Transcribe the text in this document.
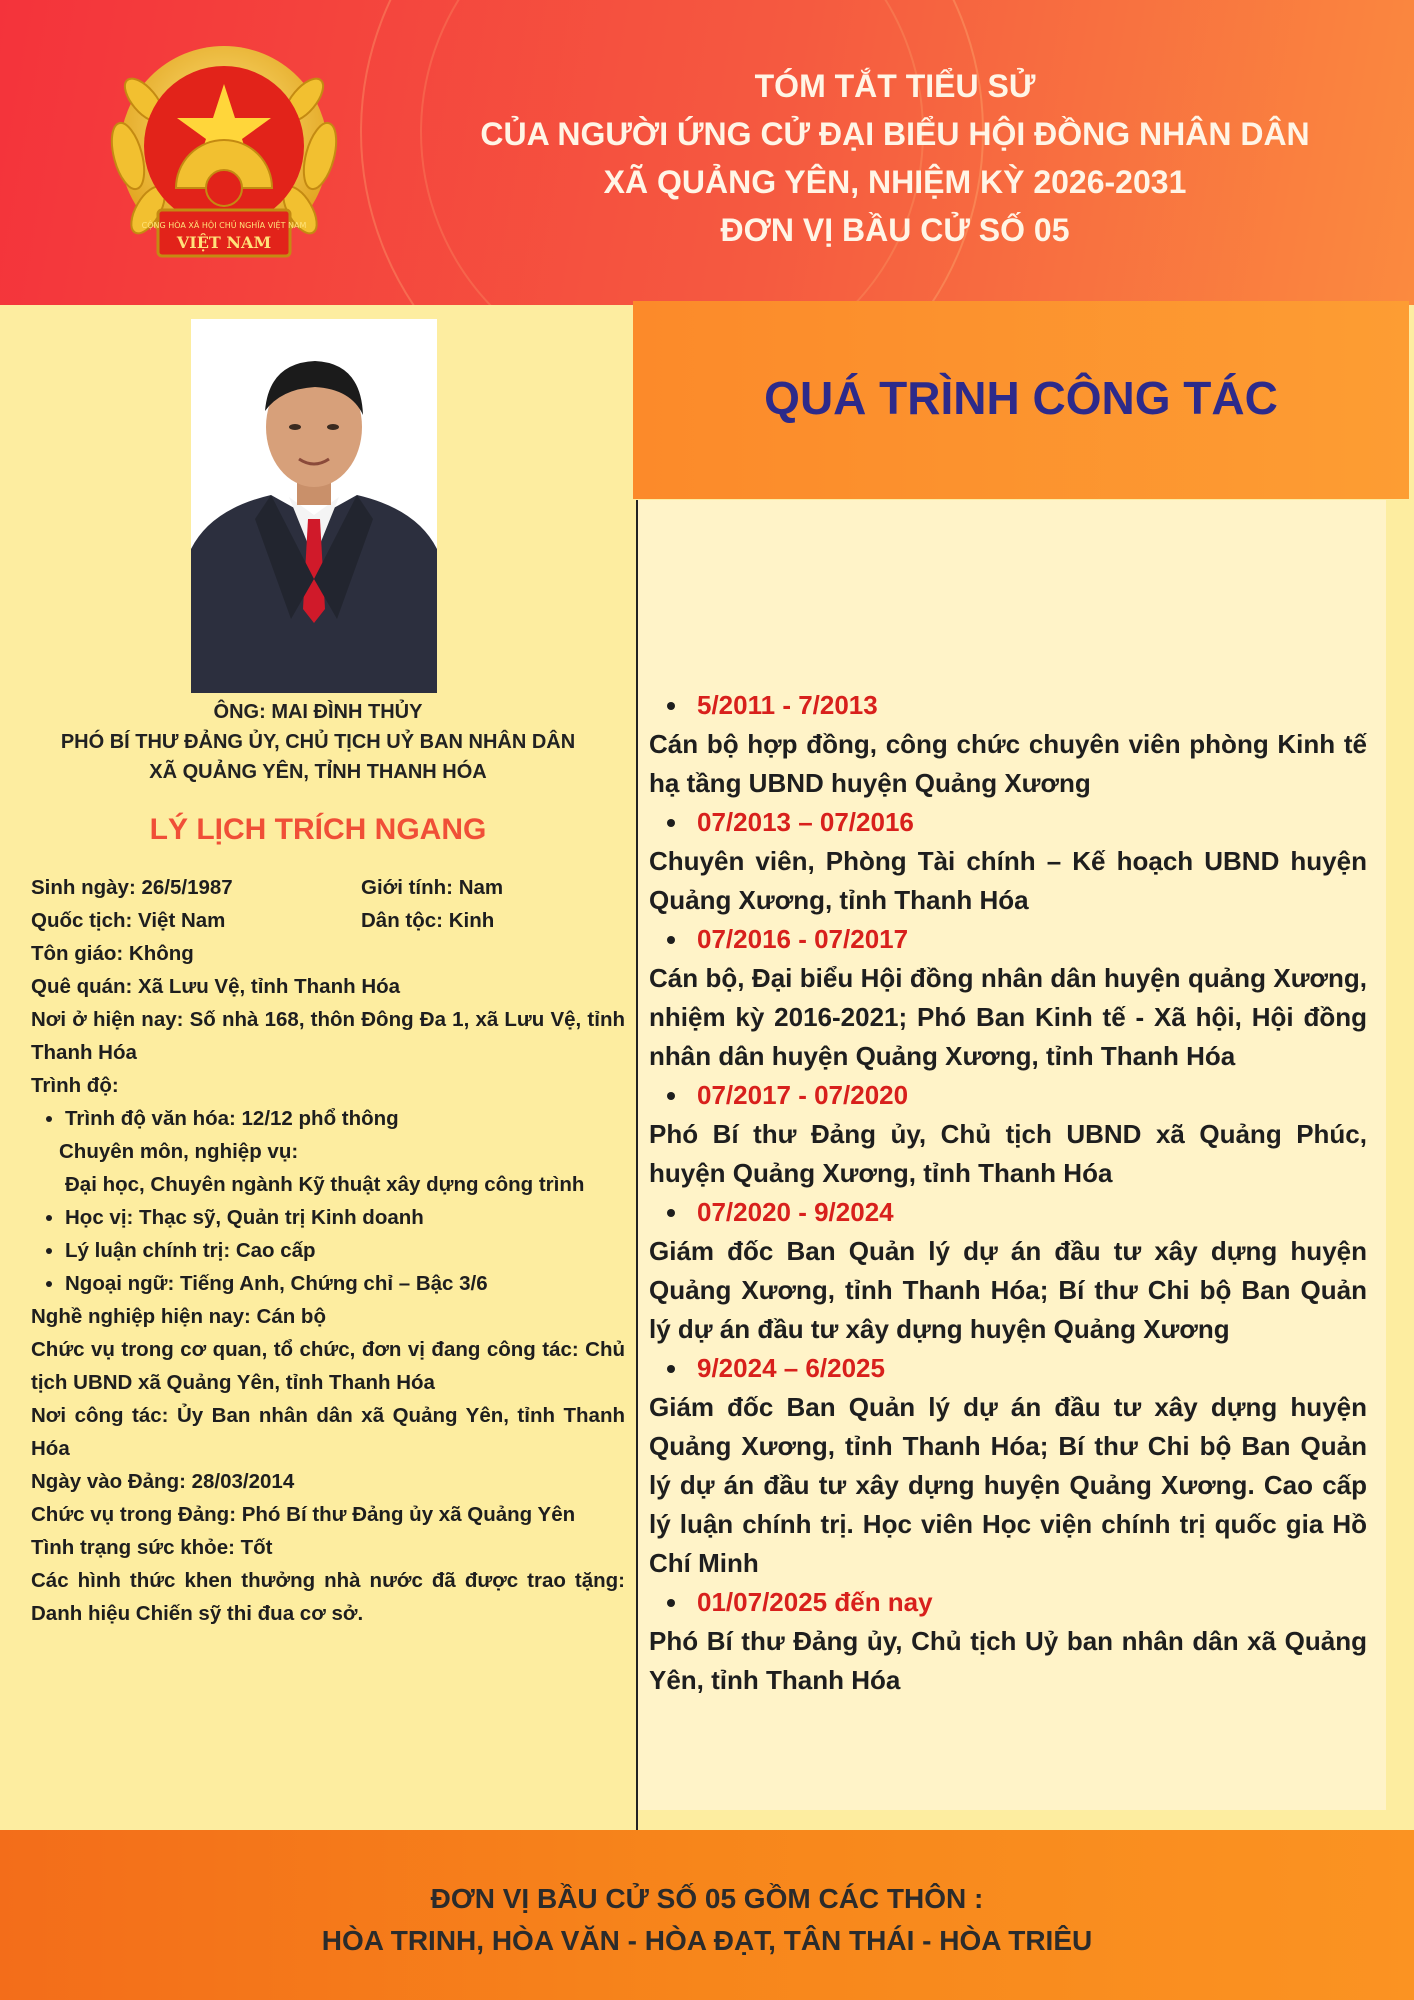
CỘNG HÒA XÃ HỘI CHỦ NGHĨA VIỆT NAM
VIỆT NAM
TÓM TẮT TIỂU SỬ
CỦA NGƯỜI ỨNG CỬ ĐẠI BIỂU HỘI ĐỒNG NHÂN DÂN
XÃ QUẢNG YÊN, NHIỆM KỲ 2026-2031
ĐƠN VỊ BẦU CỬ SỐ 05
ÔNG: MAI ĐÌNH THỦY
PHÓ BÍ THƯ ĐẢNG ỦY, CHỦ TỊCH UỶ BAN NHÂN DÂN
XÃ QUẢNG YÊN, TỈNH THANH HÓA
LÝ LỊCH TRÍCH NGANG
Sinh ngày: 26/5/1987	Giới tính: Nam
Quốc tịch: Việt Nam	Dân tộc: Kinh
Tôn giáo: Không
Quê quán: Xã Lưu Vệ, tỉnh Thanh Hóa
Nơi ở hiện nay: Số nhà 168, thôn Đông Đa 1, xã Lưu Vệ, tỉnh Thanh Hóa
Trình độ:
• Trình độ văn hóa: 12/12 phổ thông
Chuyên môn, nghiệp vụ:
Đại học, Chuyên ngành Kỹ thuật xây dựng công trình
• Học vị: Thạc sỹ, Quản trị Kinh doanh
• Lý luận chính trị: Cao cấp
• Ngoại ngữ: Tiếng Anh, Chứng chỉ – Bậc 3/6
Nghề nghiệp hiện nay: Cán bộ
Chức vụ trong cơ quan, tổ chức, đơn vị đang công tác: Chủ tịch UBND xã Quảng Yên, tỉnh Thanh Hóa
Nơi công tác: Ủy Ban nhân dân xã Quảng Yên, tỉnh Thanh Hóa
Ngày vào Đảng: 28/03/2014
Chức vụ trong Đảng: Phó Bí thư Đảng ủy xã Quảng Yên
Tình trạng sức khỏe: Tốt
Các hình thức khen thưởng nhà nước đã được trao tặng: Danh hiệu Chiến sỹ thi đua cơ sở.
QUÁ TRÌNH CÔNG TÁC
5/2011 - 7/2013
Cán bộ hợp đồng, công chức chuyên viên phòng Kinh tế hạ tầng UBND huyện Quảng Xương
07/2013 – 07/2016
Chuyên viên, Phòng Tài chính – Kế hoạch UBND huyện Quảng Xương, tỉnh Thanh Hóa
07/2016 - 07/2017
Cán bộ, Đại biểu Hội đồng nhân dân huyện quảng Xương, nhiệm kỳ 2016-2021; Phó Ban Kinh tế - Xã hội, Hội đồng nhân dân huyện Quảng Xương, tỉnh Thanh Hóa
07/2017 - 07/2020
Phó Bí thư Đảng ủy, Chủ tịch UBND xã Quảng Phúc, huyện Quảng Xương, tỉnh Thanh Hóa
07/2020 - 9/2024
Giám đốc Ban Quản lý dự án đầu tư xây dựng huyện Quảng Xương, tỉnh Thanh Hóa; Bí thư Chi bộ Ban Quản lý dự án đầu tư xây dựng huyện Quảng Xương
9/2024 – 6/2025
Giám đốc Ban Quản lý dự án đầu tư xây dựng huyện Quảng Xương, tỉnh Thanh Hóa; Bí thư Chi bộ Ban Quản lý dự án đầu tư xây dựng huyện Quảng Xương. Cao cấp lý luận chính trị. Học viên Học viện chính trị quốc gia Hồ Chí Minh
01/07/2025 đến nay
Phó Bí thư Đảng ủy, Chủ tịch Uỷ ban nhân dân xã Quảng Yên, tỉnh Thanh Hóa
ĐƠN VỊ BẦU CỬ SỐ 05 GỒM CÁC THÔN :
HÒA TRINH, HÒA VĂN - HÒA ĐẠT, TÂN THÁI - HÒA TRIÊU
